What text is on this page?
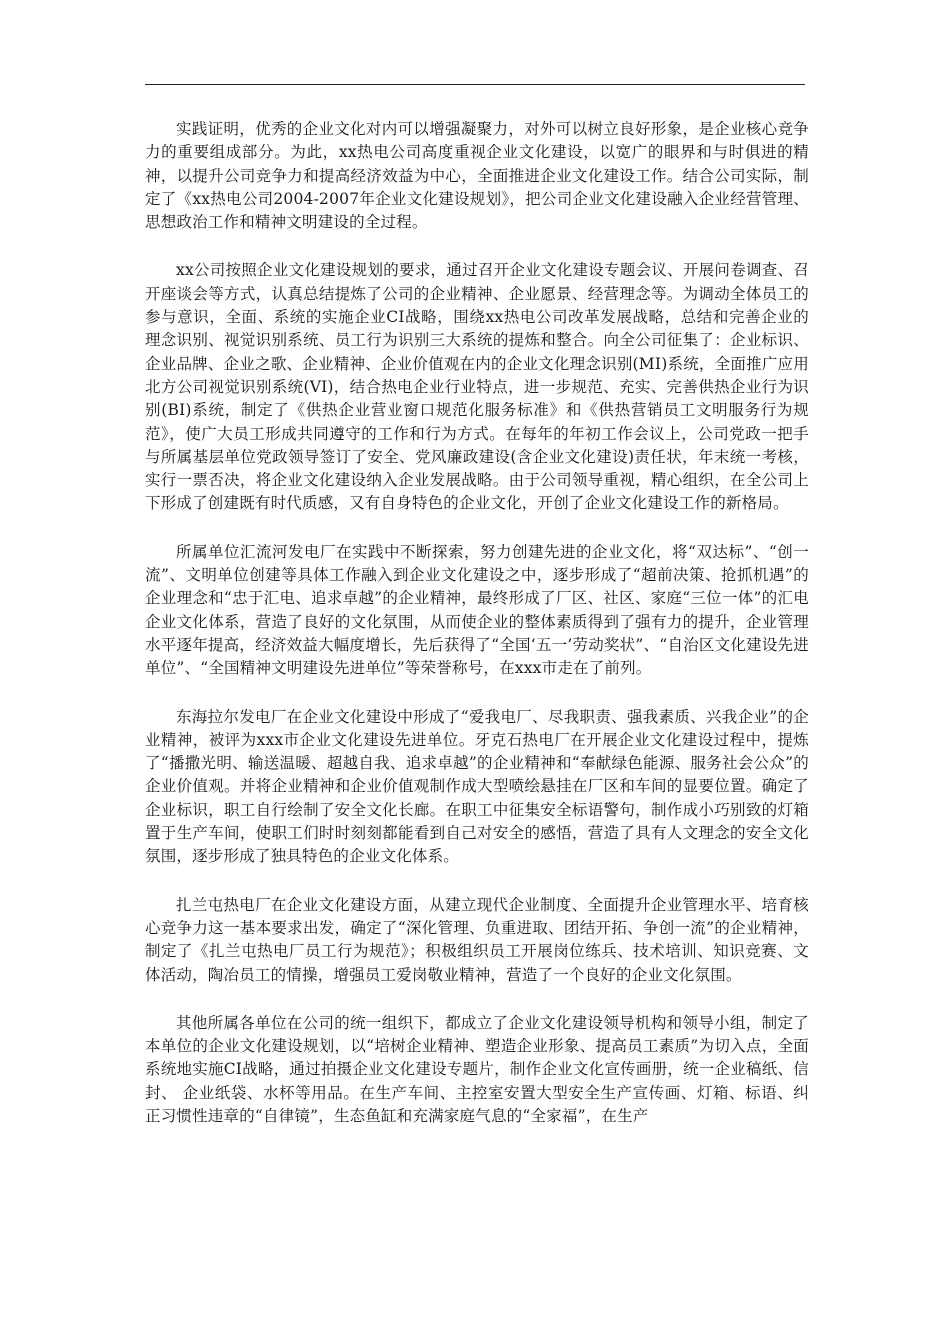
实践证明，优秀的企业文化对内可以增强凝聚力，对外可以树立良好形象，是企业核心竞争力的重要组成部分。为此，xx热电公司高度重视企业文化建设，以宽广的眼界和与时俱进的精神，以提升公司竞争力和提高经济效益为中心，全面推进企业文化建设工作。结合公司实际，制定了《xx热电公司2004-2007年企业文化建设规划》，把公司企业文化建设融入企业经营管理、思想政治工作和精神文明建设的全过程。

xx公司按照企业文化建设规划的要求，通过召开企业文化建设专题会议、开展问卷调查、召开座谈会等方式，认真总结提炼了公司的企业精神、企业愿景、经营理念等。为调动全体员工的参与意识，全面、系统的实施企业CI战略，围绕xx热电公司改革发展战略，总结和完善企业的理念识别、视觉识别系统、员工行为识别三大系统的提炼和整合。向全公司征集了：企业标识、企业品牌、企业之歌、企业精神、企业价值观在内的企业文化理念识别(MI)系统，全面推广应用北方公司视觉识别系统(VI)，结合热电企业行业特点，进一步规范、充实、完善供热企业行为识别(BI)系统，制定了《供热企业营业窗口规范化服务标准》和《供热营销员工文明服务行为规范》，使广大员工形成共同遵守的工作和行为方式。在每年的年初工作会议上，公司党政一把手与所属基层单位党政领导签订了安全、党风廉政建设(含企业文化建设)责任状，年末统一考核，实行一票否决，将企业文化建设纳入企业发展战略。由于公司领导重视，精心组织，在全公司上下形成了创建既有时代质感，又有自身特色的企业文化，开创了企业文化建设工作的新格局。

所属单位汇流河发电厂在实践中不断探索，努力创建先进的企业文化，将“双达标”、“创一流”、文明单位创建等具体工作融入到企业文化建设之中，逐步形成了“超前决策、抢抓机遇”的企业理念和“忠于汇电、追求卓越”的企业精神，最终形成了厂区、社区、家庭“三位一体”的汇电企业文化体系，营造了良好的文化氛围，从而使企业的整体素质得到了强有力的提升，企业管理水平逐年提高，经济效益大幅度增长，先后获得了“全国‘五一’劳动奖状”、“自治区文化建设先进单位”、“全国精神文明建设先进单位”等荣誉称号，在xxx市走在了前列。

东海拉尔发电厂在企业文化建设中形成了“爱我电厂、尽我职责、强我素质、兴我企业”的企业精神，被评为xxx市企业文化建设先进单位。牙克石热电厂在开展企业文化建设过程中，提炼了“播撒光明、输送温暖、超越自我、追求卓越”的企业精神和“奉献绿色能源、服务社会公众”的企业价值观。并将企业精神和企业价值观制作成大型喷绘悬挂在厂区和车间的显要位置。确定了企业标识，职工自行绘制了安全文化长廊。在职工中征集安全标语警句，制作成小巧别致的灯箱置于生产车间，使职工们时时刻刻都能看到自己对安全的感悟，营造了具有人文理念的安全文化氛围，逐步形成了独具特色的企业文化体系。

扎兰屯热电厂在企业文化建设方面，从建立现代企业制度、全面提升企业管理水平、培育核心竞争力这一基本要求出发，确定了“深化管理、负重进取、团结开拓、争创一流”的企业精神，制定了《扎兰屯热电厂员工行为规范》；积极组织员工开展岗位练兵、技术培训、知识竞赛、文体活动，陶冶员工的情操，增强员工爱岗敬业精神，营造了一个良好的企业文化氛围。

其他所属各单位在公司的统一组织下，都成立了企业文化建设领导机构和领导小组，制定了本单位的企业文化建设规划，以“培树企业精神、塑造企业形象、提高员工素质”为切入点，全面系统地实施CI战略，通过拍摄企业文化建设专题片，制作企业文化宣传画册，统一企业稿纸、信封、 企业纸袋、水杯等用品。在生产车间、主控室安置大型安全生产宣传画、灯箱、标语、纠正习惯性违章的“自律镜”，生态鱼缸和充满家庭气息的“全家福”，在生产
